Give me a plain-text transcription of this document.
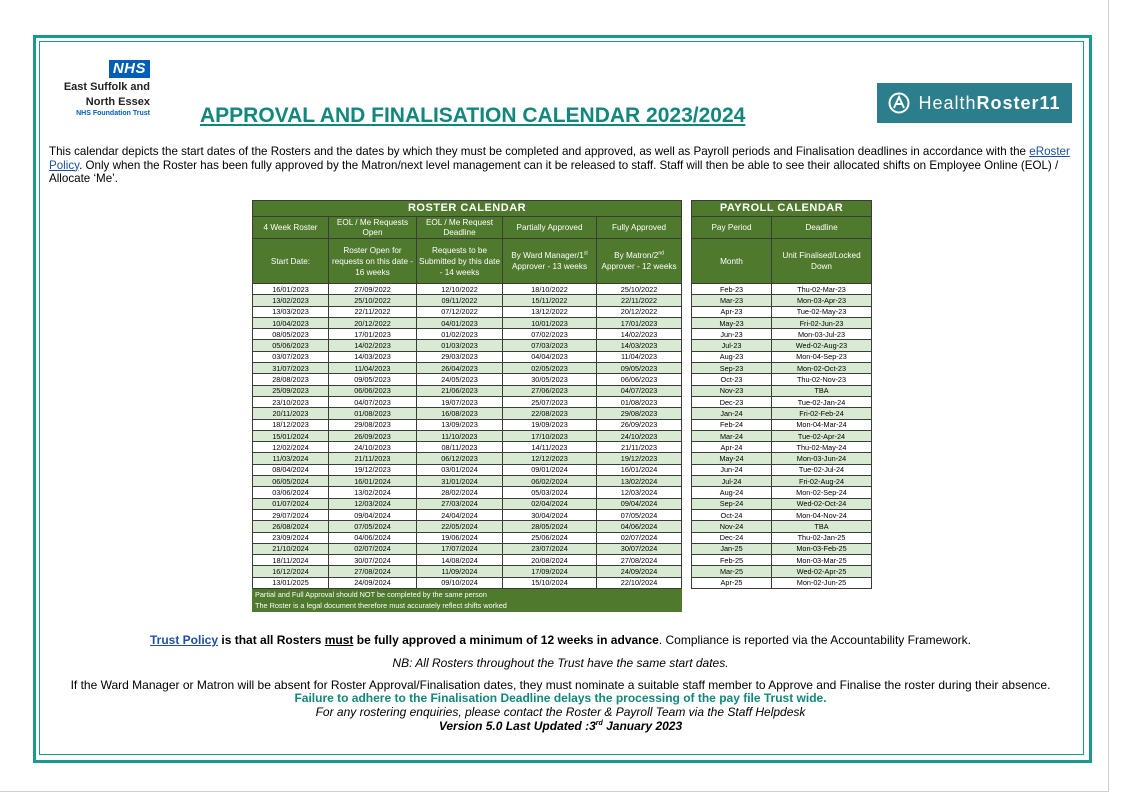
NHS
East Suffolk and
North Essex
NHS Foundation Trust
HealthRoster11
APPROVAL AND FINALISATION CALENDAR 2023/2024
This calendar depicts the start dates of the Rosters and the dates by which they must be completed and approved, as well as Payroll periods and Finalisation deadlines in accordance with the eRoster Policy. Only when the Roster has been fully approved by the Matron/next level management can it be released to staff. Staff will then be able to see their allocated shifts on Employee Online (EOL) / Allocate ‘Me’.
ROSTER CALENDAR				
4 Week Roster	EOL / Me Requests Open	EOL / Me Request Deadline	Partially Approved	Fully Approved
Start Date:	Roster Open for requests on this date - 16 weeks	Requests to be Submitted by this date - 14 weeks	By Ward Manager/1st Approver - 13 weeks	By Matron/2nd Approver - 12 weeks
16/01/2023	27/09/2022	12/10/2022	18/10/2022	25/10/2022
13/02/2023	25/10/2022	09/11/2022	15/11/2022	22/11/2022
13/03/2023	22/11/2022	07/12/2022	13/12/2022	20/12/2022
10/04/2023	20/12/2022	04/01/2023	10/01/2023	17/01/2023
08/05/2023	17/01/2023	01/02/2023	07/02/2023	14/02/2023
05/06/2023	14/02/2023	01/03/2023	07/03/2023	14/03/2023
03/07/2023	14/03/2023	29/03/2023	04/04/2023	11/04/2023
31/07/2023	11/04/2023	26/04/2023	02/05/2023	09/05/2023
28/08/2023	09/05/2023	24/05/2023	30/05/2023	06/06/2023
25/09/2023	06/06/2023	21/06/2023	27/06/2023	04/07/2023
23/10/2023	04/07/2023	19/07/2023	25/07/2023	01/08/2023
20/11/2023	01/08/2023	16/08/2023	22/08/2023	29/08/2023
18/12/2023	29/08/2023	13/09/2023	19/09/2023	26/09/2023
15/01/2024	26/09/2023	11/10/2023	17/10/2023	24/10/2023
12/02/2024	24/10/2023	08/11/2023	14/11/2023	21/11/2023
11/03/2024	21/11/2023	06/12/2023	12/12/2023	19/12/2023
08/04/2024	19/12/2023	03/01/2024	09/01/2024	16/01/2024
06/05/2024	16/01/2024	31/01/2024	06/02/2024	13/02/2024
03/06/2024	13/02/2024	28/02/2024	05/03/2024	12/03/2024
01/07/2024	12/03/2024	27/03/2024	02/04/2024	09/04/2024
29/07/2024	09/04/2024	24/04/2024	30/04/2024	07/05/2024
26/08/2024	07/05/2024	22/05/2024	28/05/2024	04/06/2024
23/09/2024	04/06/2024	19/06/2024	25/06/2024	02/07/2024
21/10/2024	02/07/2024	17/07/2024	23/07/2024	30/07/2024
18/11/2024	30/07/2024	14/08/2024	20/08/2024	27/08/2024
16/12/2024	27/08/2024	11/09/2024	17/09/2024	24/09/2024
13/01/2025	24/09/2024	09/10/2024	15/10/2024	22/10/2024
Partial and Full Approval should NOT be completed by the same person				
The Roster is a legal document therefore must accurately reflect shifts worked				
PAYROLL CALENDAR	
Pay Period	Deadline
Month	Unit Finalised/Locked Down
Feb-23	Thu-02-Mar-23
Mar-23	Mon-03-Apr-23
Apr-23	Tue-02-May-23
May-23	Fri-02-Jun-23
Jun-23	Mon-03-Jul-23
Jul-23	Wed-02-Aug-23
Aug-23	Mon-04-Sep-23
Sep-23	Mon-02-Oct-23
Oct-23	Thu-02-Nov-23
Nov-23	TBA
Dec-23	Tue-02-Jan-24
Jan-24	Fri-02-Feb-24
Feb-24	Mon-04-Mar-24
Mar-24	Tue-02-Apr-24
Apr-24	Thu-02-May-24
May-24	Mon-03-Jun-24
Jun-24	Tue-02-Jul-24
Jul-24	Fri-02-Aug-24
Aug-24	Mon-02-Sep-24
Sep-24	Wed-02-Oct-24
Oct-24	Mon-04-Nov-24
Nov-24	TBA
Dec-24	Thu-02-Jan-25
Jan-25	Mon-03-Feb-25
Feb-25	Mon-03-Mar-25
Mar-25	Wed-02-Apr-25
Apr-25	Mon-02-Jun-25
Trust Policy is that all Rosters must be fully approved a minimum of 12 weeks in advance. Compliance is reported via the Accountability Framework.
NB: All Rosters throughout the Trust have the same start dates.
If the Ward Manager or Matron will be absent for Roster Approval/Finalisation dates, they must nominate a suitable staff member to Approve and Finalise the roster during their absence.
Failure to adhere to the Finalisation Deadline delays the processing of the pay file Trust wide.
For any rostering enquiries, please contact the Roster & Payroll Team via the Staff Helpdesk
Version 5.0 Last Updated :3rd January 2023
